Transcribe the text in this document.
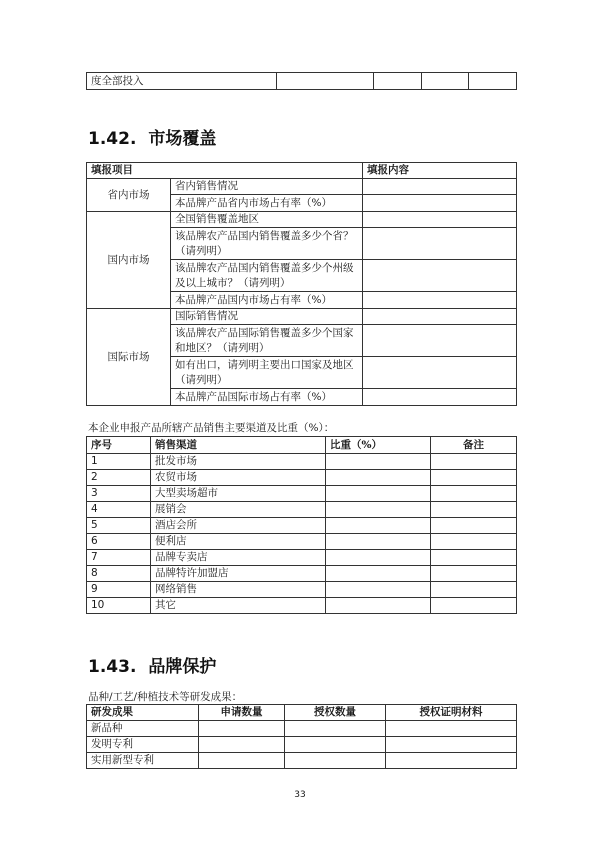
度全部投入				
1.42. 市场覆盖
填报项目		填报内容
省内市场	省内销售情况	
	本品牌产品省内市场占有率（%）	
国内市场	全国销售覆盖地区	
	该品牌农产品国内销售覆盖多少个省？（请列明）	
	该品牌农产品国内销售覆盖多少个州级及以上城市？（请列明）	
	本品牌产品国内市场占有率（%）	
国际市场	国际销售情况	
	该品牌农产品国际销售覆盖多少个国家和地区？（请列明）	
	如有出口，请列明主要出口国家及地区（请列明）	
	本品牌产品国际市场占有率（%）	
本企业申报产品所辖产品销售主要渠道及比重（%）：
序号	销售渠道	比重（%）	备注
1	批发市场		
2	农贸市场		
3	大型卖场超市		
4	展销会		
5	酒店会所		
6	便利店		
7	品牌专卖店		
8	品牌特许加盟店		
9	网络销售		
10	其它		
1.43. 品牌保护
品种/工艺/种植技术等研发成果：
研发成果	申请数量	授权数量	授权证明材料
新品种			
发明专利			
实用新型专利			
33
